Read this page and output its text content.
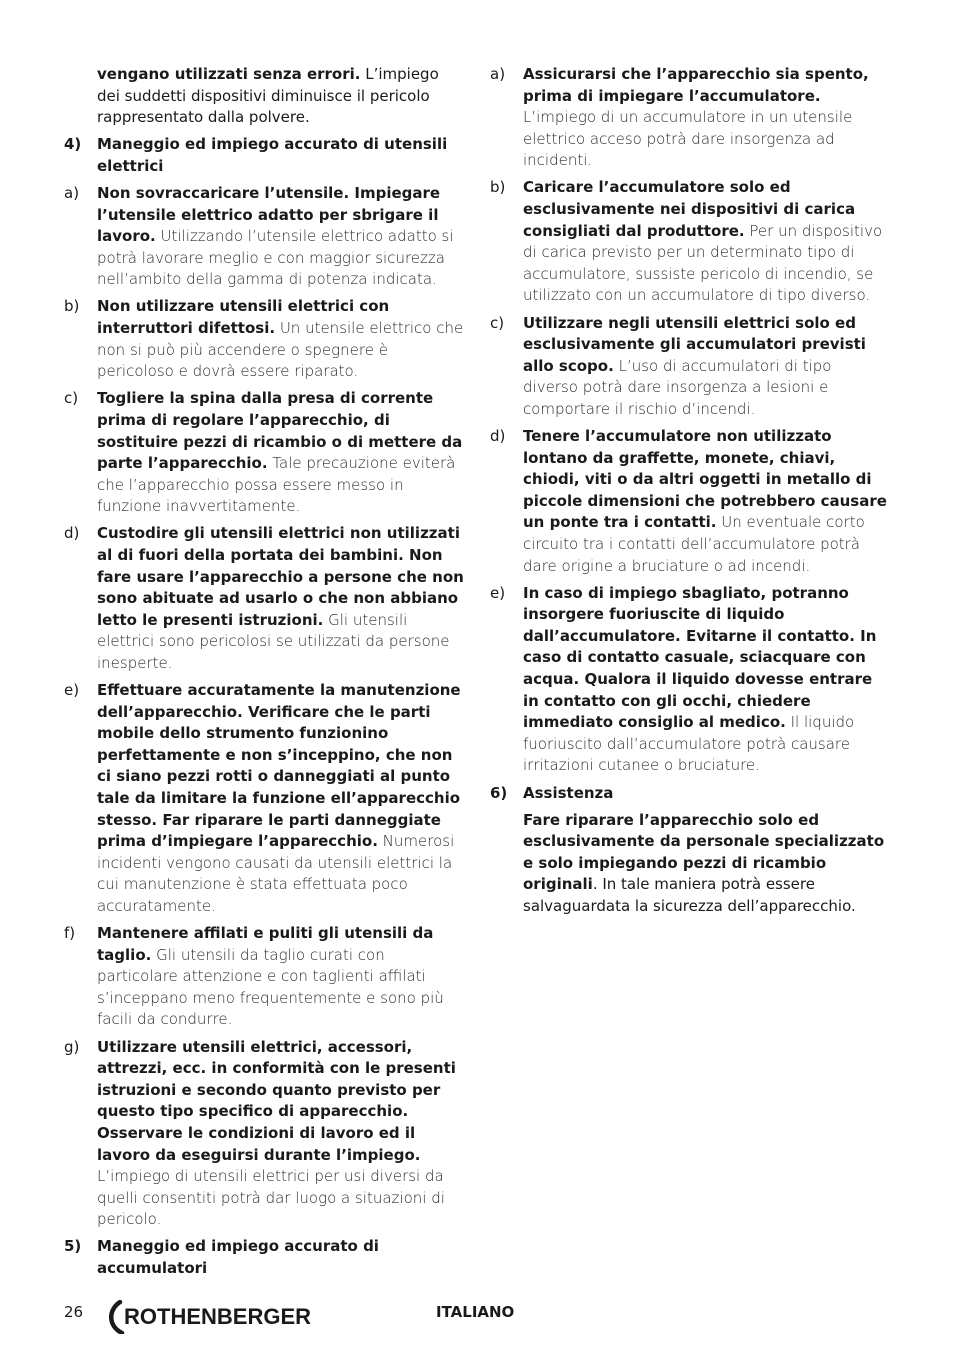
vengano utilizzati senza errori. L’impiego dei suddetti dispositivi diminuisce il pericolo rappresentato dalla polvere.
4)	Maneggio ed impiego accurato di utensili elettrici
a)	Non sovraccaricare l’utensile. Impiegare l’utensile elettrico adatto per sbrigare il lavoro. Utilizzando l’utensile elettrico adatto si potrà lavorare meglio e con maggior sicurezza nell’ambito della gamma di potenza indicata.
b)	Non utilizzare utensili elettrici con interruttori difettosi. Un utensile elettrico che non si può più accendere o spegnere è pericoloso e dovrà essere riparato.
c)	Togliere la spina dalla presa di corrente prima di regolare l’apparecchio, di sostituire pezzi di ricambio o di mettere da parte l’apparecchio. Tale precauzione eviterà che l’apparecchio possa essere messo in funzione inavvertitamente.
d)	Custodire gli utensili elettrici non utilizzati al di fuori della portata dei bambini. Non fare usare l’apparecchio a persone che non sono abituate ad usarlo o che non abbiano letto le presenti istruzioni. Gli utensili elettrici sono pericolosi se utilizzati da persone inesperte.
e)	Effettuare accuratamente la manutenzione dell’apparecchio. Verificare che le parti mobile dello strumento funzionino perfettamente e non s’inceppino, che non ci siano pezzi rotti o danneggiati al punto tale da limitare la funzione ell’apparecchio stesso. Far riparare le parti danneggiate prima d’impiegare l’apparecchio. Numerosi incidenti vengono causati da utensili elettrici la cui manutenzione è stata effettuata poco accuratamente.
f)	Mantenere affilati e puliti gli utensili da taglio. Gli utensili da taglio curati con particolare attenzione e con taglienti affilati s’inceppano meno frequentemente e sono più facili da condurre.
g)	Utilizzare utensili elettrici, accessori, attrezzi, ecc. in conformità con le presenti istruzioni e secondo quanto previsto per questo tipo specifico di apparecchio. Osservare le condizioni di lavoro ed il lavoro da eseguirsi durante l’impiego. L’impiego di utensili elettrici per usi diversi da quelli consentiti potrà dar luogo a situazioni di pericolo.
5)	Maneggio ed impiego accurato di accumulatori
a)	Assicurarsi che l’apparecchio sia spento, prima di impiegare l’accumulatore. L’impiego di un accumulatore in un utensile elettrico acceso potrà dare insorgenza ad incidenti.
b)	Caricare l’accumulatore solo ed esclusivamente nei dispositivi di carica consigliati dal produttore. Per un dispositivo di carica previsto per un determinato tipo di accumulatore, sussiste pericolo di incendio, se utilizzato con un accumulatore di tipo diverso.
c)	Utilizzare negli utensili elettrici solo ed esclusivamente gli accumulatori previsti allo scopo. L’uso di accumulatori di tipo diverso potrà dare insorgenza a lesioni e comportare il rischio d’incendi.
d)	Tenere l’accumulatore non utilizzato lontano da graffette, monete, chiavi, chiodi, viti o da altri oggetti in metallo di piccole dimensioni che potrebbero causare un ponte tra i contatti. Un eventuale corto circuito tra i contatti dell’accumulatore potrà dare origine a bruciature o ad incendi.
e)	In caso di impiego sbagliato, potranno insorgere fuoriuscite di liquido dall’accumulatore. Evitarne il contatto. In caso di contatto casuale, sciacquare con acqua. Qualora il liquido dovesse entrare in contatto con gli occhi, chiedere immediato consiglio al medico. Il liquido fuoriuscito dall’accumulatore potrà causare irritazioni cutanee o bruciature.
6)	Assistenza
Fare riparare l’apparecchio solo ed esclusivamente da personale specializzato e solo impiegando pezzi di ricambio originali. In tale maniera potrà essere salvaguardata la sicurezza dell’apparecchio.
26 ROTHENBERGER	ITALIANO
